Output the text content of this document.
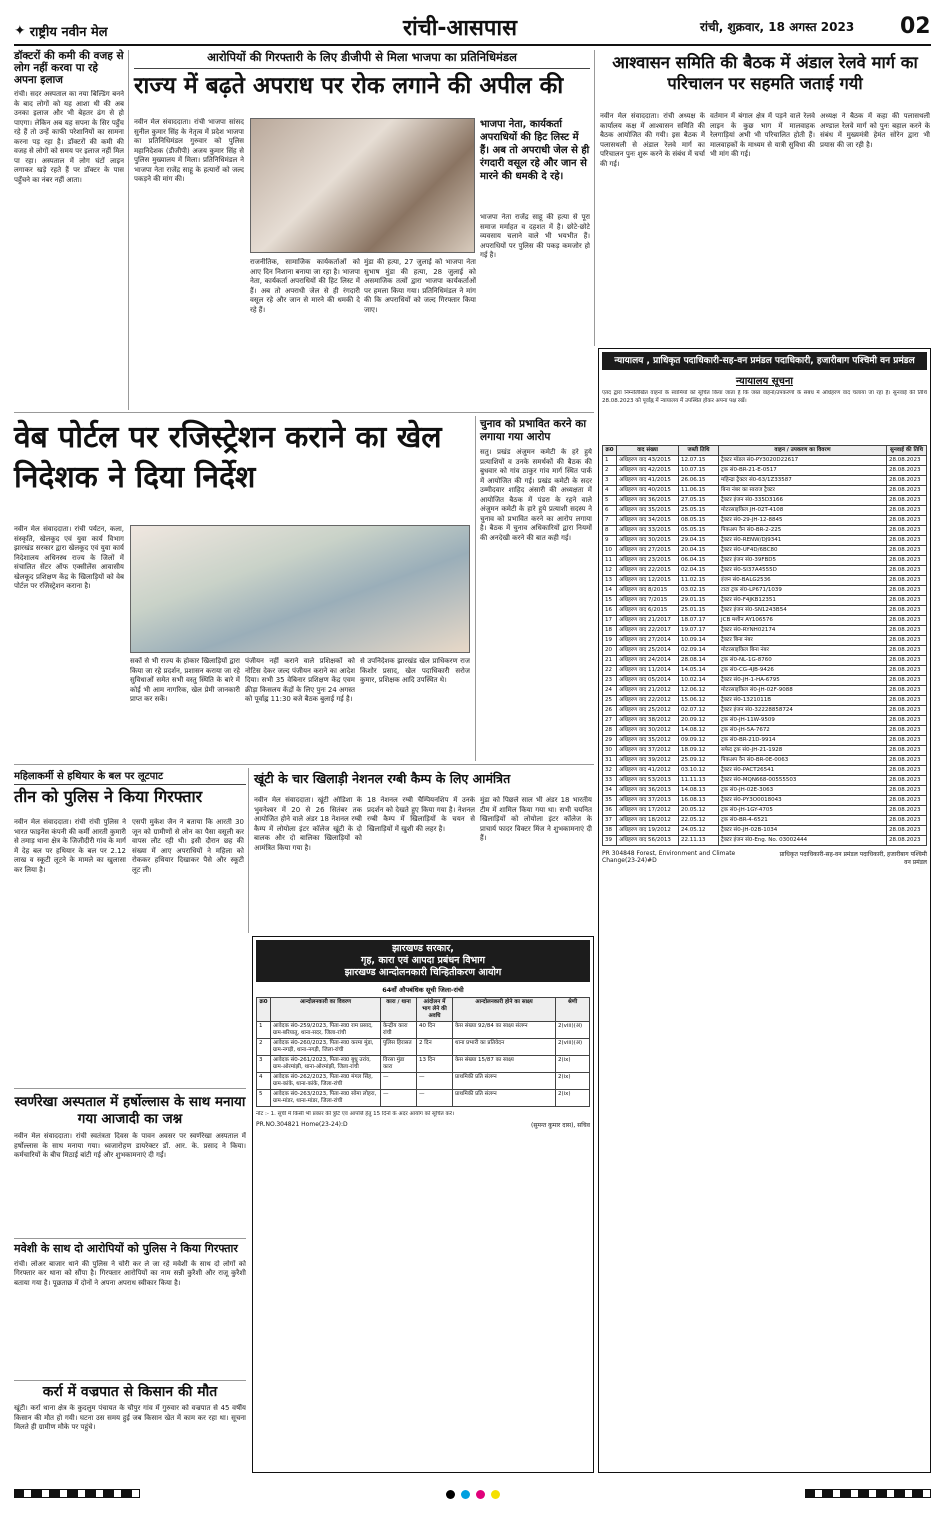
✦ राष्ट्रीय नवीन मेल	रांची-आसपास	रांची, शुक्रवार, 18 अगस्त 2023 02
डॉक्टरों की कमी की वजह से लोग नहीं करवा पा रहे अपना इलाज
रांची। सदर अस्पताल का नया बिल्डिंग बनने के बाद लोगों को यह आशा थी की अब उनका इलाज और भी बेहतर ढंग से हो पाएगा। लेकिन अब यह सपना के सिर पहुँच रहे हैं तो उन्हें काफी परेशानियों का सामना करना पड़ रहा है। डॉक्टरों की कमी की वजह से लोगों को समय पर इलाज नहीं मिल पा रहा। अस्पताल में लोग घंटों लाइन लगाकर खड़े रहते हैं पर डॉक्टर के पास पहुँचने का नंबर नहीं आता।
आरोपियों की गिरफ्तारी के लिए डीजीपी से मिला भाजपा का प्रतिनिधिमंडल
राज्य में बढ़ते अपराध पर रोक लगाने की अपील की
नवीन मेल संवाददाता। रांची भाजपा सांसद सुनील कुमार सिंह के नेतृत्व में प्रदेश भाजपा का प्रतिनिधिमंडल गुरुवार को पुलिस महानिदेशक (डीजीपी) अजय कुमार सिंह से पुलिस मुख्यालय में मिला। प्रतिनिधिमंडल ने भाजपा नेता राजेंद्र साहू के हत्यारों को जल्द पकड़ने की मांग की।
राजनीतिक, सामाजिक कार्यकर्ताओं को आए दिन निशाना बनाया जा रहा है। भाजपा नेता, कार्यकर्ता अपराधियों की हिट लिस्ट में हैं। अब तो अपराधी जेल से ही रंगदारी वसूल रहे और जान से मारने की धमकी दे रहे हैं।
मुंडा की हत्या, 27 जुलाई को भाजपा नेता सुभाष मुंडा की हत्या, 28 जुलाई को असमाजिक तत्वों द्वारा भाजपा कार्यकर्ताओं पर हमला किया गया। प्रतिनिधिमंडल ने मांग की कि अपराधियों को जल्द गिरफ्तार किया जाए।
भाजपा नेता, कार्यकर्ता अपराधियों की हिट लिस्ट में हैं। अब तो अपराधी जेल से ही रंगदारी वसूल रहे और जान से मारने की धमकी दे रहे।
भाजपा नेता राजेंद्र साहू की हत्या से पूरा समाज मर्माहत व दहशत में है। छोटे-छोटे व्यवसाय चलाने वाले भी भयभीत हैं। अपराधियों पर पुलिस की पकड़ कमजोर हो गई है।
आश्वासन समिति की बैठक में अंडाल रेलवे मार्ग का परिचालन पर सहमति जताई गयी
नवीन मेल संवाददाता। रांची अध्यक्ष के कार्यालय कक्ष में आश्वासन समिति की बैठक आयोजित की गयी। इस बैठक में पलासथली से अंडाल रेलवे मार्ग का परिचालन पुनः शुरू करने के संबंध में चर्चा की गई।
वर्तमान में बंगाल क्षेत्र में पड़ने वाले रेलवे लाइन के कुछ भाग में मालवाहक रेलगाड़ियां अभी भी परिचालित होती हैं। मालवाहकों के माध्यम से यात्री सुविधा की भी मांग की गई।
अध्यक्ष ने बैठक में कहा की पलासथली अण्डाल रेलवे मार्ग को पुनः बहाल करने के संबंध में मुख्यमंत्री हेमंत सोरेन द्वारा भी प्रयास की जा रही है।
न्यायालय , प्राधिकृत पदाधिकारी-सह-वन प्रमंडल पदाधिकारी, हजारीबाग पश्चिमी वन प्रमंडल
न्यायालय सूचना
एतद द्वारा निम्नलिखित वाहनों के स्वामियों को सूचित किया जाता है कि जब्त वाहनों/उपकरणों के संबंध में अधिहरण वाद चलाया जा रहा है। सुनवाई की तिथि 28.08.2023 को पूर्वाह्न में न्यायालय में उपस्थित होकर अपना पक्ष रखें।
क्र0	वाद संख्या	जब्ती तिथि	वाहन / उपकरण का विवरण	सुनवाई की तिथि
1	अधिहरण वाद 43/2015	12.07.15	ट्रैक्टर मॉडल सं0-PY3020D22617	28.08.2023
2	अधिहरण वाद 42/2015	10.07.15	ट्रक सं0-BR-21-E-0517	28.08.2023
3	अधिहरण वाद 41/2015	26.06.15	महिन्द्रा ट्रैक्टर सं0-63/1Z33587	28.08.2023
4	अधिहरण वाद 40/2015	11.06.15	बिना नंबर का स्वराज ट्रैक्टर	28.08.2023
5	अधिहरण वाद 36/2015	27.05.15	ट्रैक्टर इंजन सं0-335D3166	28.08.2023
6	अधिहरण वाद 35/2015	25.05.15	मोटरसाइकिल JH-02T-4108	28.08.2023
7	अधिहरण वाद 34/2015	08.05.15	ट्रैक्टर सं0-29-JH-12-8845	28.08.2023
8	अधिहरण वाद 33/2015	05.05.15	पिकअप वैन सं0-BR-2-225	28.08.2023
9	अधिहरण वाद 30/2015	29.04.15	ट्रैक्टर सं0-RENW/DJ9341	28.08.2023
10	अधिहरण वाद 27/2015	20.04.15	ट्रैक्टर सं0-UF4D/6BC80	28.08.2023
11	अधिहरण वाद 23/2015	06.04.15	ट्रैक्टर इंजन सं0-39FBD5	28.08.2023
12	अधिहरण वाद 22/2015	02.04.15	ट्रैक्टर सं0-SI37A4555D	28.08.2023
13	अधिहरण वाद 12/2015	11.02.15	इंजन सं0-BALG2536	28.08.2023
14	अधिहरण वाद 8/2015	03.02.15	टाटा ट्रक सं0-LP671/1039	28.08.2023
15	अधिहरण वाद 7/2015	29.01.15	ट्रैक्टर सं0-F4JKB12351	28.08.2023
16	अधिहरण वाद 6/2015	25.01.15	ट्रैक्टर इंजन सं0-SN1243B54	28.08.2023
17	अधिहरण वाद 21/2017	18.07.17	JCB मशीन AY106576	28.08.2023
18	अधिहरण वाद 22/2017	19.07.17	ट्रैक्टर सं0-RYNH02174	28.08.2023
19	अधिहरण वाद 27/2014	10.09.14	ट्रैक्टर बिना नंबर	28.08.2023
20	अधिहरण वाद 25/2014	02.09.14	मोटरसाइकिल बिना नंबर	28.08.2023
21	अधिहरण वाद 24/2014	28.08.14	ट्रक सं0-NL-1G-8760	28.08.2023
22	अधिहरण वाद 11/2014	14.05.14	ट्रक सं0-CG-4JB-9426	28.08.2023
23	अधिहरण वाद 05/2014	10.02.14	ट्रैक्टर सं0-JH-1-HA-6795	28.08.2023
24	अधिहरण वाद 21/2012	12.06.12	मोटरसाइकिल सं0-JH-02F-9088	28.08.2023
25	अधिहरण वाद 22/2012	15.06.12	ट्रैक्टर सं0-1321011B	28.08.2023
26	अधिहरण वाद 25/2012	02.07.12	ट्रैक्टर इंजन सं0-32228858724	28.08.2023
27	अधिहरण वाद 38/2012	20.09.12	ट्रक सं0-JH-11W-9509	28.08.2023
28	अधिहरण वाद 30/2012	14.08.12	ट्रक सं0-JH-5A-7672	28.08.2023
29	अधिहरण वाद 35/2012	09.09.12	ट्रक सं0-BR-21D-9914	28.08.2023
30	अधिहरण वाद 37/2012	18.09.12	सफेद ट्रक सं0-JH-21-1928	28.08.2023
31	अधिहरण वाद 39/2012	25.09.12	पिकअप वैन सं0-BR-0E-0063	28.08.2023
32	अधिहरण वाद 41/2012	03.10.12	ट्रैक्टर सं0-PACT26541	28.08.2023
33	अधिहरण वाद 53/2013	11.11.13	ट्रैक्टर सं0-MQN668-00555503	28.08.2023
34	अधिहरण वाद 36/2013	14.08.13	ट्रक सं0-JH-02E-3063	28.08.2023
35	अधिहरण वाद 37/2013	16.08.13	ट्रैक्टर सं0-PY3O0018043	28.08.2023
36	अधिहरण वाद 17/2012	20.05.12	ट्रक सं0-JH-1GY-4705	28.08.2023
37	अधिहरण वाद 18/2012	22.05.12	ट्रक सं0-BR-4-6521	28.08.2023
38	अधिहरण वाद 19/2012	24.05.12	ट्रैक्टर सं0-JH-02B-1034	28.08.2023
39	अधिहरण वाद 56/2013	22.11.13	ट्रैक्टर इंजन सं0-Eng. No. 03002444	28.08.2023
PR 304848 Forest, Environment and Climate Change(23-24)#D
प्राधिकृत पदाधिकारी-सह-वन प्रमंडल पदाधिकारी, हजारीबाग पश्चिमी वन प्रमंडल
वेब पोर्टल पर रजिस्ट्रेशन कराने का खेल निदेशक ने दिया निर्देश
नवीन मेल संवाददाता। रांची पर्यटन, कला, संस्कृति, खेलकूद एवं युवा कार्य विभाग झारखंड सरकार द्वारा खेलकूद एवं युवा कार्य निदेशालय अधिनस्थ राज्य के जिलों में संचालित सेंटर ऑफ एक्सीलेंस आवासीय खेलकूद प्रशिक्षण केंद्र के खिलाड़ियों को वेब पोर्टल पर रजिस्ट्रेशन कराना है।
सकों से भी राज्य के होकार खिलाड़ियों द्वारा किया जा रहे प्रदर्शन, प्रशासन कराया जा रहे सुविधाओं समेत सभी वस्तु स्थिति के बारे में कोई भी आम नागरिक, खेल प्रेमी जानकारी प्राप्त कर सकें।
पंजीयन नहीं कराने वाले प्रशिक्षकों को नोटिस देकर जल्द पंजीयन कराने का आदेश दिया। सभी 35 वेबिनार प्रशिक्षण केंद्र एवम क्रीड़ा किसलय केंद्रों के लिए पुनः 24 अगस्त को पूर्वाह्न 11:30 बजे बैठक बुलाई गई है।
से उपनिदेशक झारखंड खेल प्राधिकरण राज किशोर प्रसाद, खेल पदाधिकारी सरोज कुमार, प्रशिक्षक आदि उपस्थित थे।
चुनाव को प्रभावित करने का लगाया गया आरोप
सतु। प्रखंड अंजुमन कमेटी के हरे हुये प्रत्याशियों व उनके समर्थकों की बैठक की बुधवार को गांव ठाकुर गांव मार्ग स्थित पार्क में आयोजित की गई। प्रखंड कमेटी के सदर उम्मीदवार शाहिद अंसारी की अध्यक्षता में आयोजित बैठक में पंडरा के रहने वाले अंजुमन कमेटी के हारे हुये प्रत्याशी सदस्य ने चुनाव को प्रभावित करने का आरोप लगाया है। बैठक में चुनाव अधिकारियों द्वारा नियमों की अनदेखी करने की बात कही गई।
महिलाकर्मी से हथियार के बल पर लूटपाट
तीन को पुलिस ने किया गिरफ्तार
नवीन मेल संवाददाता। रांची रांची पुलिस ने भारत फाइनेंस कंपनी की कर्मी आरती कुमारी से तमाड़ थाना क्षेत्र के जिजीदीरी गांव के मार्ग में देह बल पर हथियार के बल पर 2.12 लाख व स्कूटी लूटने के मामले का खुलासा कर लिया है।
एसपी मुकेश जैन ने बताया कि आरती 30 जून को ग्रामीणों से लोन का पैसा वसूली कर वापस लौट रही थी। इसी दौरान छह की संख्या में आए अपराधियों ने महिला को रोककर हथियार दिखाकर पैसे और स्कूटी लूट ली।
खूंटी के चार खिलाड़ी नेशनल रग्बी कैम्प के लिए आमंत्रित
नवीन मेल संवाददाता। खूंटी ओडिशा के भुवनेश्वर में 20 से 26 सितंबर तक आयोजित होने वाले अंडर 18 नेशनल रग्बी कैम्प में लोयोला इंटर कॉलेज खूंटी के दो बालक और दो बालिका खिलाड़ियों को आमंत्रित किया गया है।
18 नेशनल रग्बी चैम्पियनशिप में उनके प्रदर्शन को देखते हुए किया गया है। नेशनल रग्बी कैम्प में खिलाड़ियों के चयन से खिलाड़ियों में खुशी की लहर है।
मुंडा को पिछले साल भी अंडर 18 भारतीय टीम में शामिल किया गया था। सभी चयनित खिलाड़ियों को लोयोला इंटर कॉलेज के प्राचार्य फादर विक्टर मिंज ने शुभकामनाएं दी हैं।
झारखण्ड सरकार,
गृह, कारा एवं आपदा प्रबंधन विभाग
झारखण्ड आन्दोलनकारी चिन्हितीकरण आयोग
64वाँ औपबंधिक सूची जिला-रांची
क्र0	आन्दोलनकारी का विवरण	कारा / थाना	आंदोलन में भाग लेने की अवधि	आन्दोलनकारी होने का साक्ष्य	श्रेणी
1	आवेदक सं0-259/2023, पिता-स्व0 राम प्रसाद, ग्राम-बरियातू, थाना-सदर, जिला-रांची	केन्द्रीय कारा रांची	40 दिन	केस संख्या 92/84 का साक्ष्य संलग्न	2(viii)(अ)
2	आवेदक सं0-260/2023, पिता-स्व0 करमा मुंडा, ग्राम-नगड़ी, थाना-नगड़ी, जिला-रांची	पुलिस हिरासत	2 दिन	थाना प्रभारी का प्रतिवेदन	2(viii)(अ)
3	आवेदक सं0-261/2023, पिता-स्व0 बुधु उरांव, ग्राम-ओरमांझी, थाना-ओरमांझी, जिला-रांची	विरसा मुंडा कारा	13 दिन	केस संख्या 15/87 का साक्ष्य	2(ix)
4	आवेदक सं0-262/2023, पिता-स्व0 मंगल सिंह, ग्राम-कांके, थाना-कांके, जिला-रांची	—	—	प्राथमिकी प्रति संलग्न	2(ix)
5	आवेदक सं0-263/2023, पिता-स्व0 सोमा लोहरा, ग्राम-मांडर, थाना-मांडर, जिला-रांची	—	—	प्राथमिकी प्रति संलग्न	2(ix)
नोट :- 1. सूची में किसी भी प्रकार की त्रुटि एवं आपत्ति हेतु 15 दिनों के अंदर आयोग को सूचित करें।
PR.NO.304821 Home(23-24):D	(सुमन्त कुमार दास), सचिव
स्वर्णरेखा अस्पताल में हर्षोल्लास के साथ मनाया गया आजादी का जश्न
नवीन मेल संवाददाता। रांची स्वतंत्रता दिवस के पावन अवसर पर स्वर्णरेखा अस्पताल में हर्षोल्लास के साथ मनाया गया। ध्वजारोहण डायरेक्टर डॉ. आर. के. प्रसाद ने किया। कर्मचारियों के बीच मिठाई बांटी गई और शुभकामनाएं दी गईं।
मवेशी के साथ दो आरोपियों को पुलिस ने किया गिरफ्तार
रांची। लोअर बाजार थाने की पुलिस ने चोरी कर ले जा रहे मवेशी के साथ दो लोगों को गिरफ्तार कर थाना को सौंपा है। गिरफ्तार आरोपियों का नाम सन्नी कुरैशी और राजू कुरैशी बताया गया है। पूछताछ में दोनों ने अपना अपराध स्वीकार किया है।
कर्रा में वज्रपात से किसान की मौत
खूंटी। कर्रा थाना क्षेत्र के कुदलुम पंचायत के चौपुर गांव में गुरुवार को वज्रपात से 45 वर्षीय किसान की मौत हो गयी। घटना उस समय हुई जब किसान खेत में काम कर रहा था। सूचना मिलते ही ग्रामीण मौके पर पहुंचे।
